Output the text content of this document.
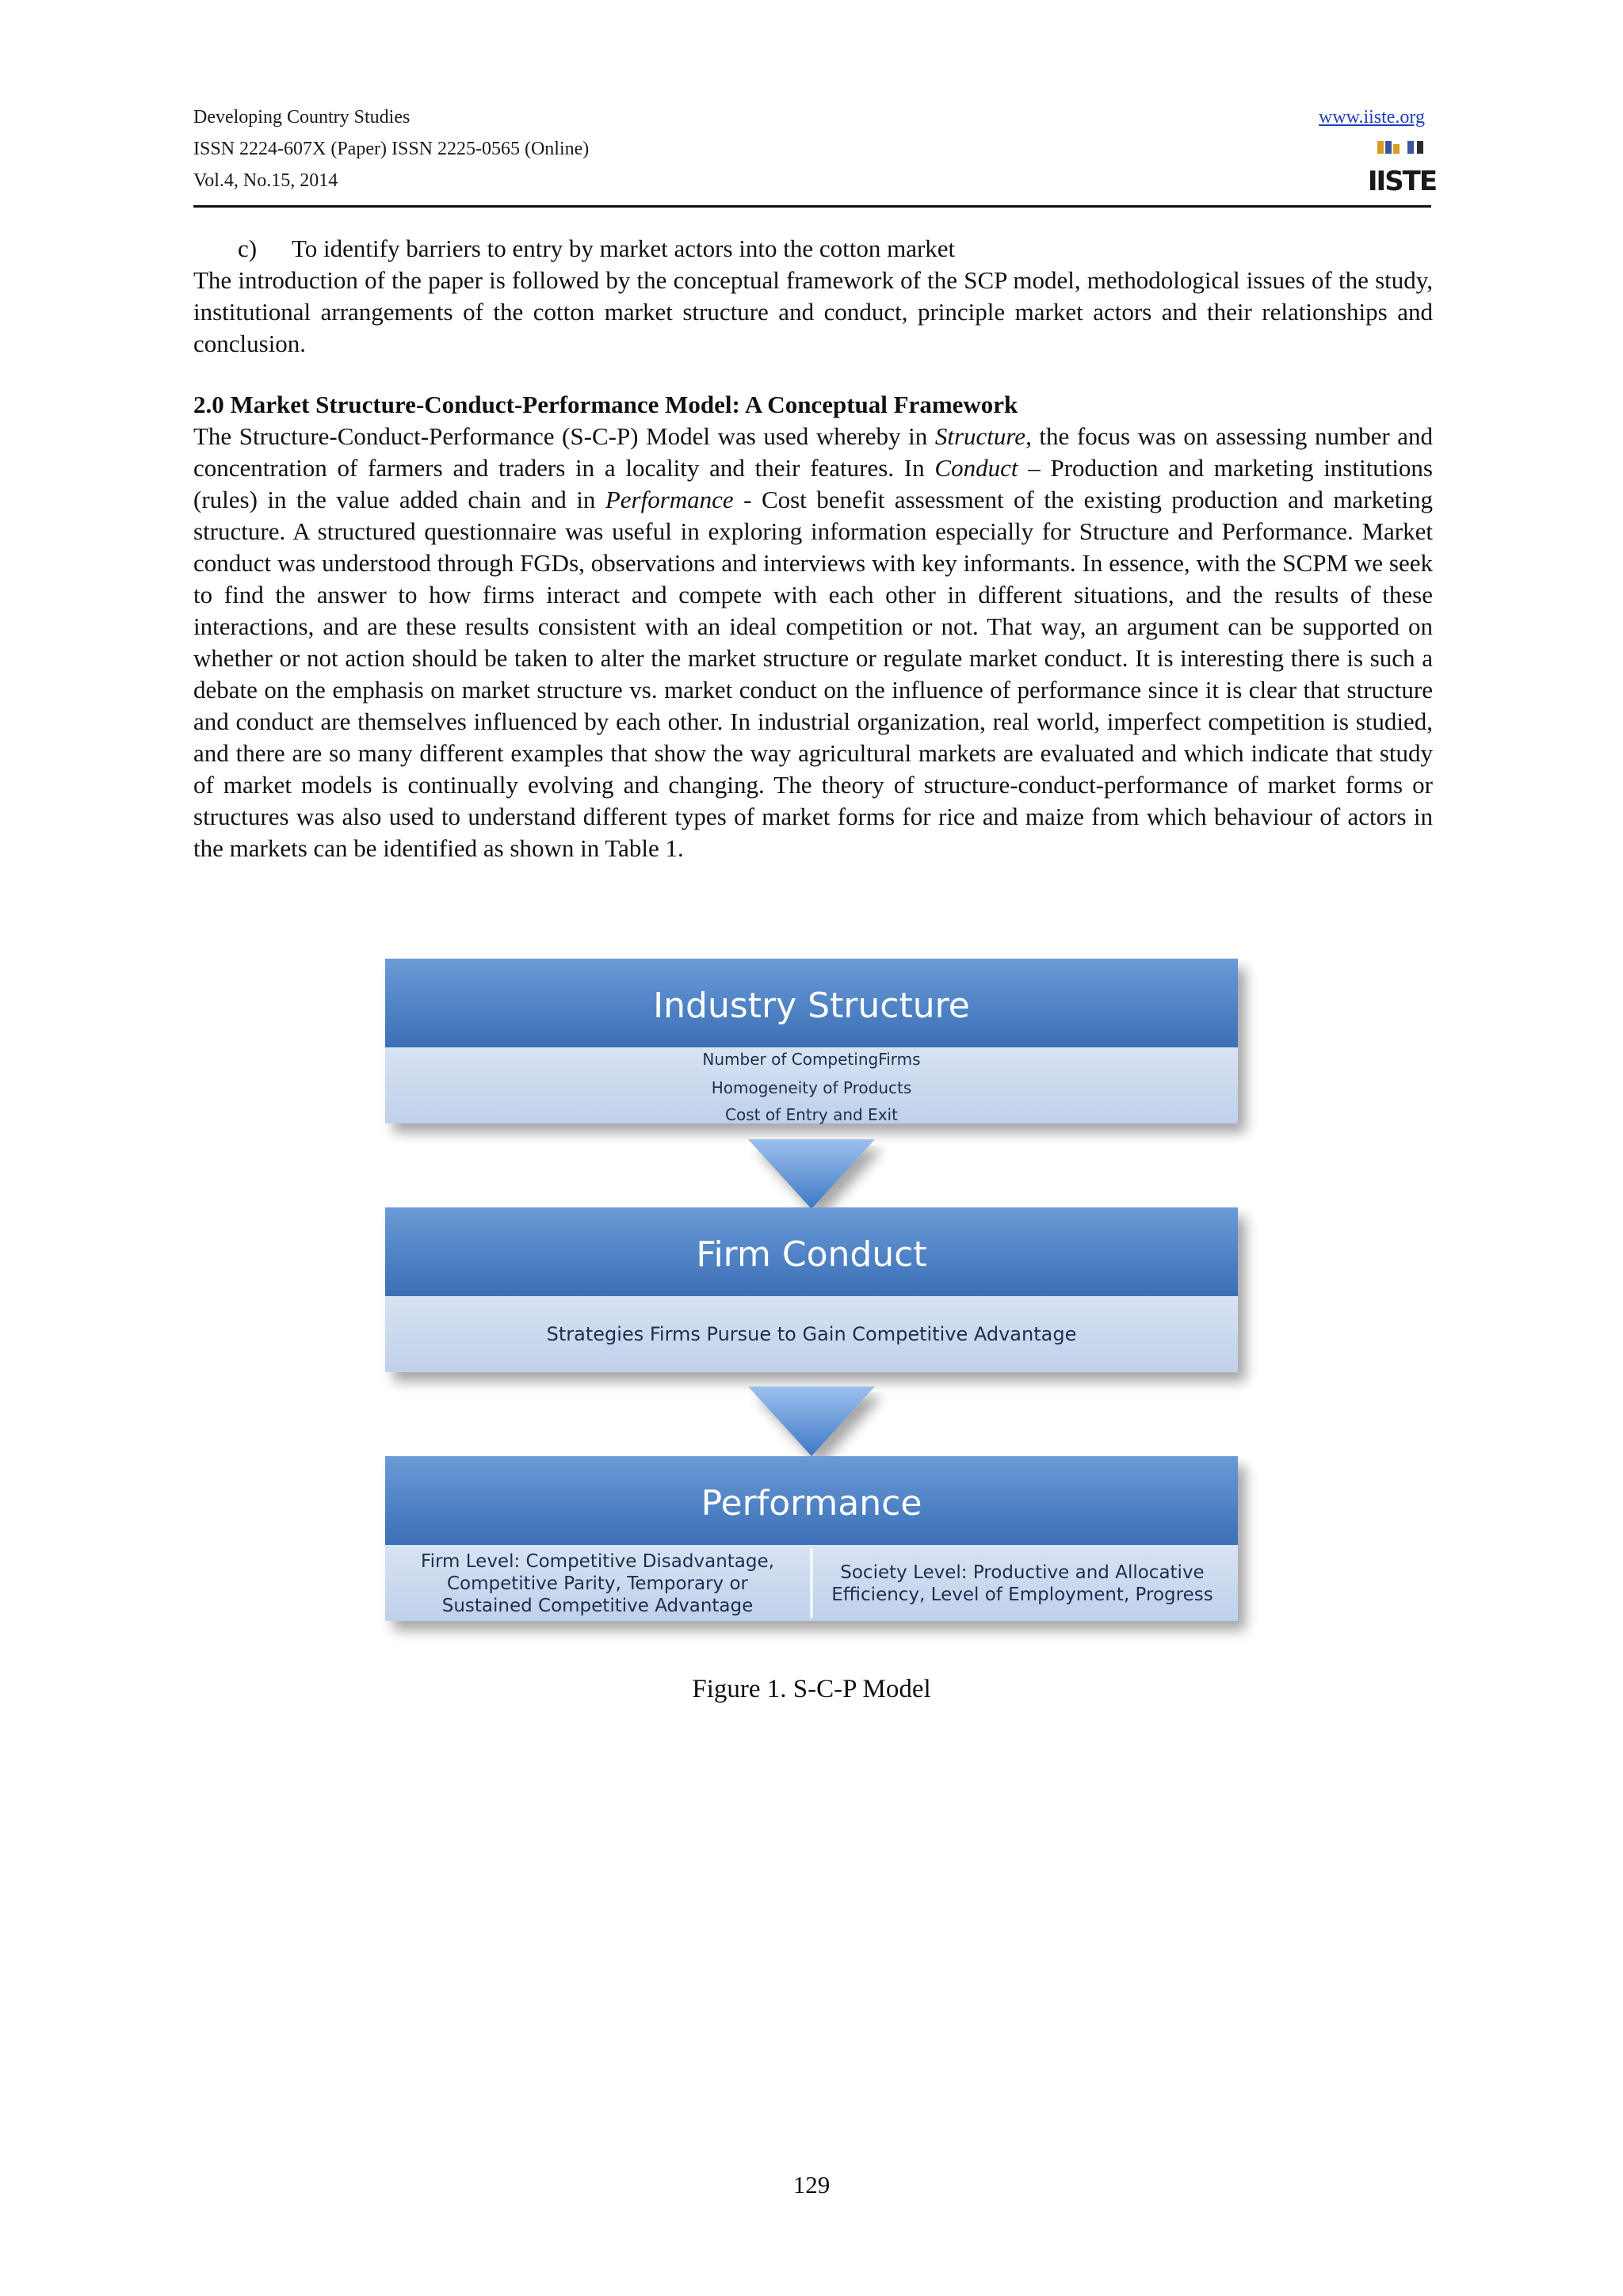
Developing Country Studies
ISSN 2224-607X (Paper) ISSN 2225-0565 (Online)
Vol.4, No.15, 2014
www.iiste.org
IISTE
c) To identify barriers to entry by market actors into the cotton market
The introduction of the paper is followed by the conceptual framework of the SCP model, methodological issues of the study, institutional arrangements of the cotton market structure and conduct, principle market actors and their relationships and conclusion.
2.0 Market Structure-Conduct-Performance Model: A Conceptual Framework
The Structure-Conduct-Performance (S-C-P) Model was used whereby in Structure, the focus was on assessing number and concentration of farmers and traders in a locality and their features. In Conduct – Production and marketing institutions (rules) in the value added chain and in Performance - Cost benefit assessment of the existing production and marketing structure. A structured questionnaire was useful in exploring information especially for Structure and Performance. Market conduct was understood through FGDs, observations and interviews with key informants. In essence, with the SCPM we seek to find the answer to how firms interact and compete with each other in different situations, and the results of these interactions, and are these results consistent with an ideal competition or not. That way, an argument can be supported on whether or not action should be taken to alter the market structure or regulate market conduct. It is interesting there is such a debate on the emphasis on market structure vs. market conduct on the influence of performance since it is clear that structure and conduct are themselves influenced by each other. In industrial organization, real world, imperfect competition is studied, and there are so many different examples that show the way agricultural markets are evaluated and which indicate that study of market models is continually evolving and changing. The theory of structure-conduct-performance of market forms or structures was also used to understand different types of market forms for rice and maize from which behaviour of actors in the markets can be identified as shown in Table 1.
Industry Structure
Number of CompetingFirms
Homogeneity of Products
Cost of Entry and Exit
Firm Conduct
Strategies Firms Pursue to Gain Competitive Advantage
Performance
Firm Level: Competitive Disadvantage,
Competitive Parity, Temporary or
Sustained Competitive Advantage
Society Level: Productive and Allocative
Efficiency, Level of Employment, Progress
Figure 1. S-C-P Model
129
